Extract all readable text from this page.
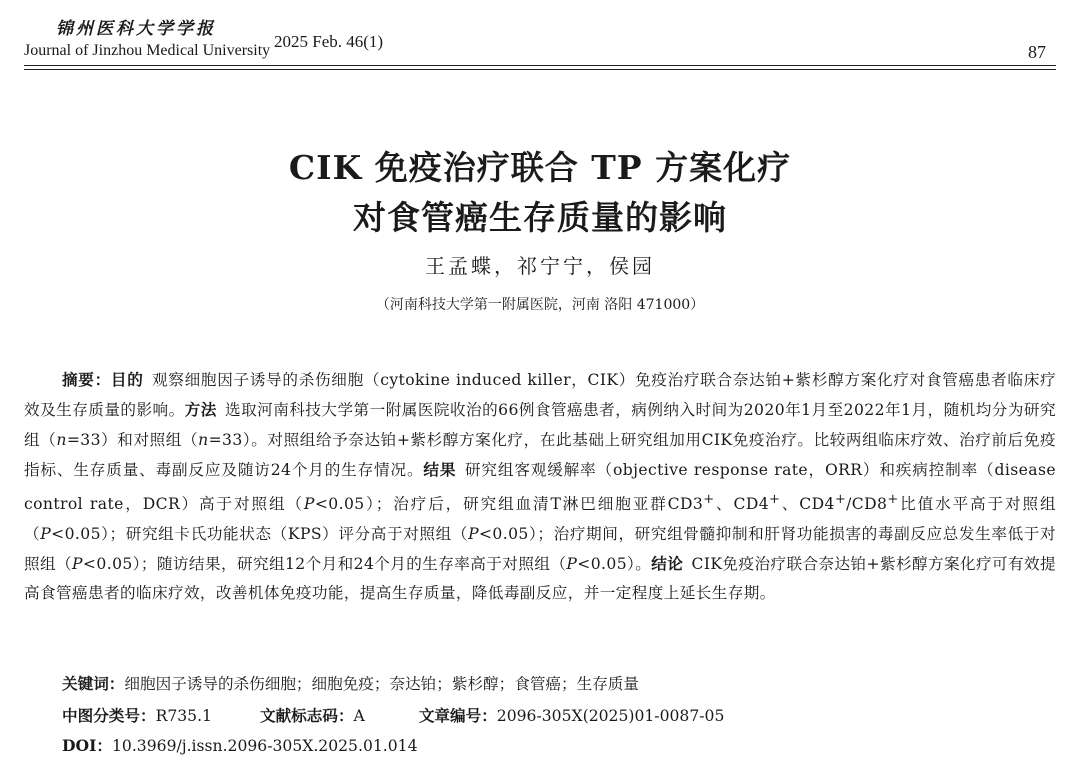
锦州医科大学学报
Journal of Jinzhou Medical University 2025 Feb. 46(1)
87
CIK 免疫治疗联合 TP 方案化疗
对食管癌生存质量的影响
王孟蝶，祁宁宁，侯园
（河南科技大学第一附属医院，河南 洛阳 471000）
摘要：目的  观察细胞因子诱导的杀伤细胞（cytokine induced killer，CIK）免疫治疗联合奈达铂+紫杉醇方案化疗对食管癌患者临床疗效及生存质量的影响。方法  选取河南科技大学第一附属医院收治的66例食管癌患者，病例纳入时间为2020年1月至2022年1月，随机均分为研究组（n=33）和对照组（n=33）。对照组给予奈达铂+紫杉醇方案化疗，在此基础上研究组加用CIK免疫治疗。比较两组临床疗效、治疗前后免疫指标、生存质量、毒副反应及随访24个月的生存情况。结果  研究组客观缓解率（objective response rate，ORR）和疾病控制率（disease control rate，DCR）高于对照组（P<0.05）；治疗后，研究组血清T淋巴细胞亚群CD3+、CD4+、CD4+/CD8+比值水平高于对照组（P<0.05）；研究组卡氏功能状态（KPS）评分高于对照组（P<0.05）；治疗期间，研究组骨髓抑制和肝肾功能损害的毒副反应总发生率低于对照组（P<0.05）；随访结果，研究组12个月和24个月的生存率高于对照组（P<0.05）。结论  CIK免疫治疗联合奈达铂+紫杉醇方案化疗可有效提高食管癌患者的临床疗效，改善机体免疫功能，提高生存质量，降低毒副反应，并一定程度上延长生存期。
关键词：细胞因子诱导的杀伤细胞；细胞免疫；奈达铂；紫杉醇；食管癌；生存质量
中图分类号：R735.1	文献标志码：A	文章编号：2096-305X(2025)01-0087-05
DOI：10.3969/j.issn.2096-305X.2025.01.014
